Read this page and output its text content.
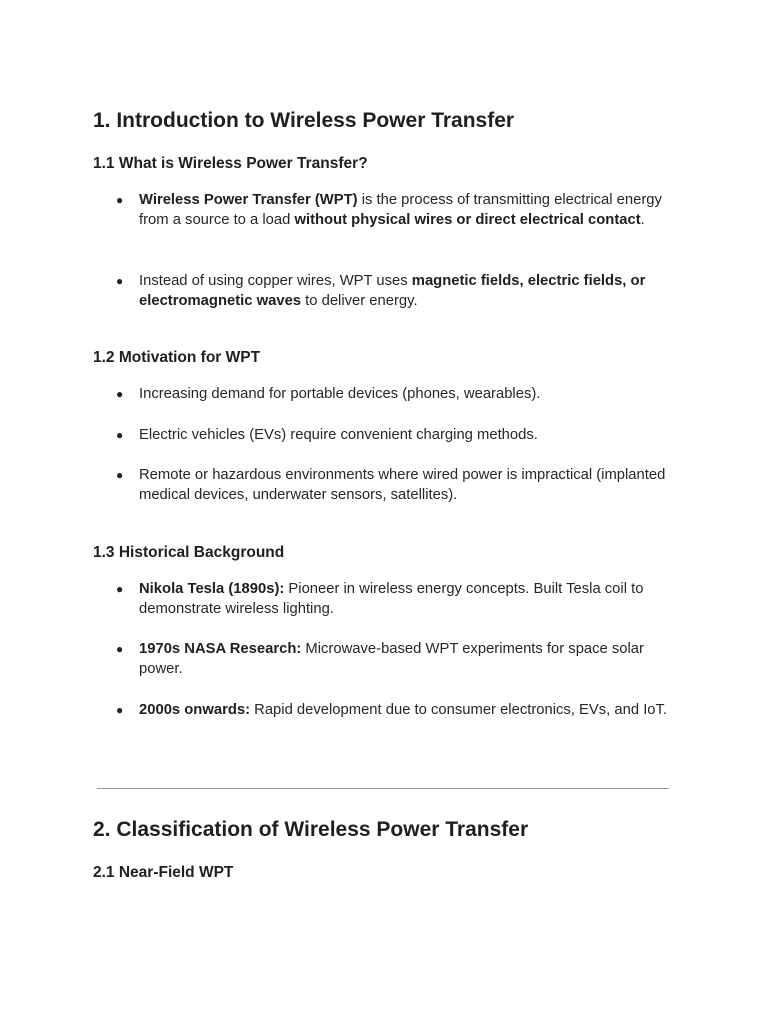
1. Introduction to Wireless Power Transfer
1.1 What is Wireless Power Transfer?
● Wireless Power Transfer (WPT) is the process of transmitting electrical energy from a source to a load without physical wires or direct electrical contact.
● Instead of using copper wires, WPT uses magnetic fields, electric fields, or electromagnetic waves to deliver energy.
1.2 Motivation for WPT
● Increasing demand for portable devices (phones, wearables).
● Electric vehicles (EVs) require convenient charging methods.
● Remote or hazardous environments where wired power is impractical (implanted medical devices, underwater sensors, satellites).
1.3 Historical Background
● Nikola Tesla (1890s): Pioneer in wireless energy concepts. Built Tesla coil to demonstrate wireless lighting.
● 1970s NASA Research: Microwave-based WPT experiments for space solar power.
● 2000s onwards: Rapid development due to consumer electronics, EVs, and IoT.
2. Classification of Wireless Power Transfer
2.1 Near-Field WPT
